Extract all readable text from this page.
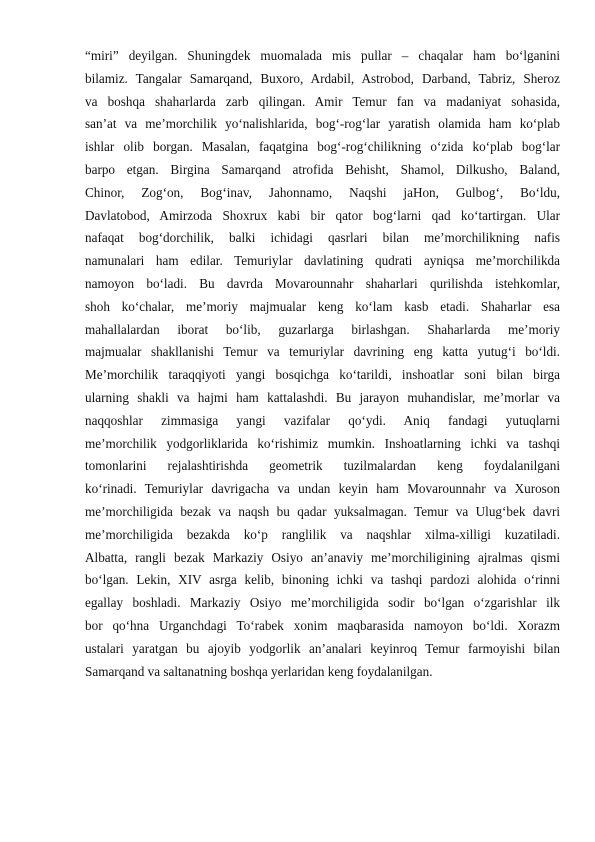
“miri” deyilgan. Shuningdek muomalada mis pullar – chaqalar ham bo‘lganini
bilamiz. Tangalar Samarqand, Buxoro, Ardabil, Astrobod, Darband, Tabriz, Sheroz
va boshqa shaharlarda zarb qilingan. Amir Temur fan va madaniyat sohasida,
san’at va me’morchilik yo‘nalishlarida, bog‘-rog‘lar yaratish olamida ham ko‘plab
ishlar olib borgan. Masalan, faqatgina bog‘-rog‘chilikning o‘zida ko‘plab bog‘lar
barpo etgan. Birgina Samarqand atrofida Behisht, Shamol, Dilkusho, Baland,
Chinor, Zog‘on, Bog‘inav, Jahonnamo, Naqshi jaHon, Gulbog‘, Bo‘ldu,
Davlatobod, Amirzoda Shoxrux kabi bir qator bog‘larni qad ko‘tartirgan. Ular
nafaqat bog‘dorchilik, balki ichidagi qasrlari bilan me’morchilikning nafis
namunalari ham edilar. Temuriylar davlatining qudrati ayniqsa me’morchilikda
namoyon bo‘ladi. Bu davrda Movarounnahr shaharlari qurilishda istehkomlar,
shoh ko‘chalar, me’moriy majmualar keng ko‘lam kasb etadi. Shaharlar esa
mahallalardan iborat bo‘lib, guzarlarga birlashgan. Shaharlarda me’moriy
majmualar shakllanishi Temur va temuriylar davrining eng katta yutug‘i bo‘ldi.
Me’morchilik taraqqiyoti yangi bosqichga ko‘tarildi, inshoatlar soni bilan birga
ularning shakli va hajmi ham kattalashdi. Bu jarayon muhandislar, me’morlar va
naqqoshlar zimmasiga yangi vazifalar qo‘ydi. Aniq fandagi yutuqlarni
me’morchilik yodgorliklarida ko‘rishimiz mumkin. Inshoatlarning ichki va tashqi
tomonlarini rejalashtirishda geometrik tuzilmalardan keng foydalanilgani
ko‘rinadi. Temuriylar davrigacha va undan keyin ham Movarounnahr va Xuroson
me’morchiligida bezak va naqsh bu qadar yuksalmagan. Temur va Ulug‘bek davri
me’morchiligida bezakda ko‘p ranglilik va naqshlar xilma-xilligi kuzatiladi.
Albatta, rangli bezak Markaziy Osiyo an’anaviy me’morchiligining ajralmas qismi
bo‘lgan. Lekin, XIV asrga kelib, binoning ichki va tashqi pardozi alohida o‘rinni
egallay boshladi. Markaziy Osiyo me’morchiligida sodir bo‘lgan o‘zgarishlar ilk
bor qo‘hna Urganchdagi To‘rabek xonim maqbarasida namoyon bo‘ldi. Xorazm
ustalari yaratgan bu ajoyib yodgorlik an’analari keyinroq Temur farmoyishi bilan
Samarqand va saltanatning boshqa yerlaridan keng foydalanilgan.
